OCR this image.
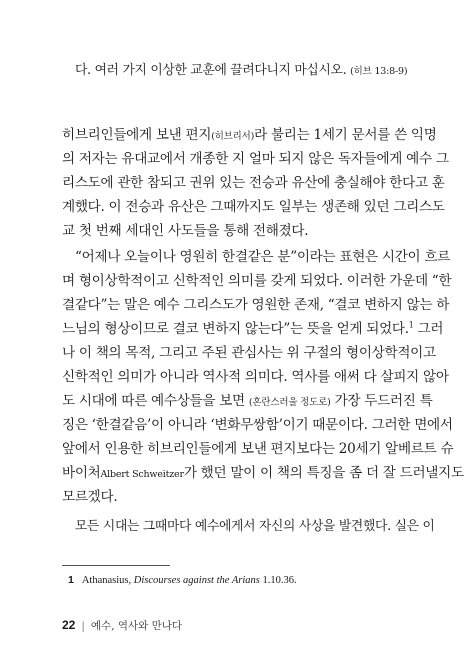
다. 여러 가지 이상한 교훈에 끌려다니지 마십시오. (히브 13:8-9)
히브리인들에게 보낸 편지(히브리서)라 불리는 1세기 문서를 쓴 익명
의 저자는 유대교에서 개종한 지 얼마 되지 않은 독자들에게 예수 그
리스도에 관한 참되고 권위 있는 전승과 유산에 충실해야 한다고 훈
계했다. 이 전승과 유산은 그때까지도 일부는 생존해 있던 그리스도
교 첫 번째 세대인 사도들을 통해 전해졌다.
“어제나 오늘이나 영원히 한결같은 분”이라는 표현은 시간이 흐르
며 형이상학적이고 신학적인 의미를 갖게 되었다. 이러한 가운데 “한
결같다”는 말은 예수 그리스도가 영원한 존재, “결코 변하지 않는 하
느님의 형상이므로 결코 변하지 않는다”는 뜻을 얻게 되었다.$^1$ 그러
나 이 책의 목적, 그리고 주된 관심사는 위 구절의 형이상학적이고
신학적인 의미가 아니라 역사적 의미다. 역사를 애써 다 살피지 않아
도 시대에 따른 예수상들을 보면 (혼란스러울 정도로) 가장 두드러진 특
징은 ‘한결같음’이 아니라 ‘변화무쌍함’이기 때문이다. 그러한 면에서
앞에서 인용한 히브리인들에게 보낸 편지보다는 20세기 알베르트 슈
바이처Albert Schweitzer가 했던 말이 이 책의 특징을 좀 더 잘 드러낼지도
모르겠다.
모든 시대는 그때마다 예수에게서 자신의 사상을 발견했다. 실은 이
1 Athanasius, Discourses against the Arians 1.10.36.
22 | 예수, 역사와 만나다
